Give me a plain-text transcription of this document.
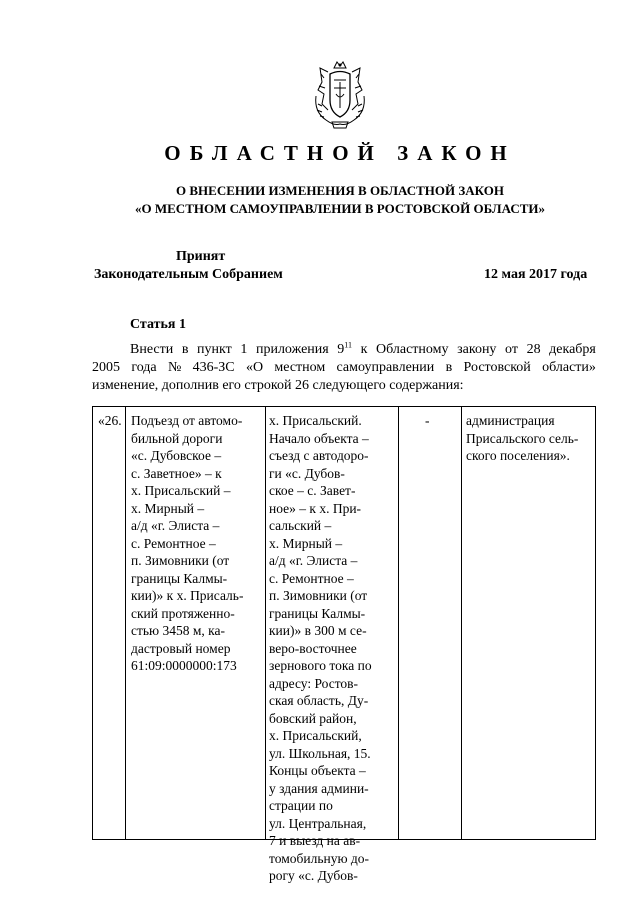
ОБЛАСТНОЙ ЗАКОН
О ВНЕСЕНИИ ИЗМЕНЕНИЯ В ОБЛАСТНОЙ ЗАКОН
«О МЕСТНОМ САМОУПРАВЛЕНИИ В РОСТОВСКОЙ ОБЛАСТИ»
Принят
Законодательным Собранием	12 мая 2017 года
Статья 1
Внести в пункт 1 приложения $9^{11}$ к Областному закону от 28 декабря
2005 года № 436-ЗС «О местном самоуправлении в Ростовской области»
изменение, дополнив его строкой 26 следующего содержания:
«26. Подъезд от автомо-
бильной дороги
«с. Дубовское –
с. Заветное» – к
х. Присальский –
х. Мирный –
а/д «г. Элиста –
с. Ремонтное –
п. Зимовники (от
границы Калмы-
кии)» к х. Присаль-
ский протяженно-
стью 3458 м, ка-
дастровый номер
61:09:0000000:173
х. Присальский.
Начало объекта –
съезд с автодоро-
ги «с. Дубов-
ское – с. Завет-
ное» – к х. При-
сальский –
х. Мирный –
а/д «г. Элиста –
с. Ремонтное –
п. Зимовники (от
границы Калмы-
кии)» в 300 м се-
веро-восточнее
зернового тока по
адресу: Ростов-
ская область, Ду-
бовский район,
х. Присальский,
ул. Школьная, 15.
Концы объекта –
у здания админи-
страции по
ул. Центральная,
7 и выезд на ав-
томобильную до-
рогу «с. Дубов-
-	администрация
Присальского сель-
ского поселения».
